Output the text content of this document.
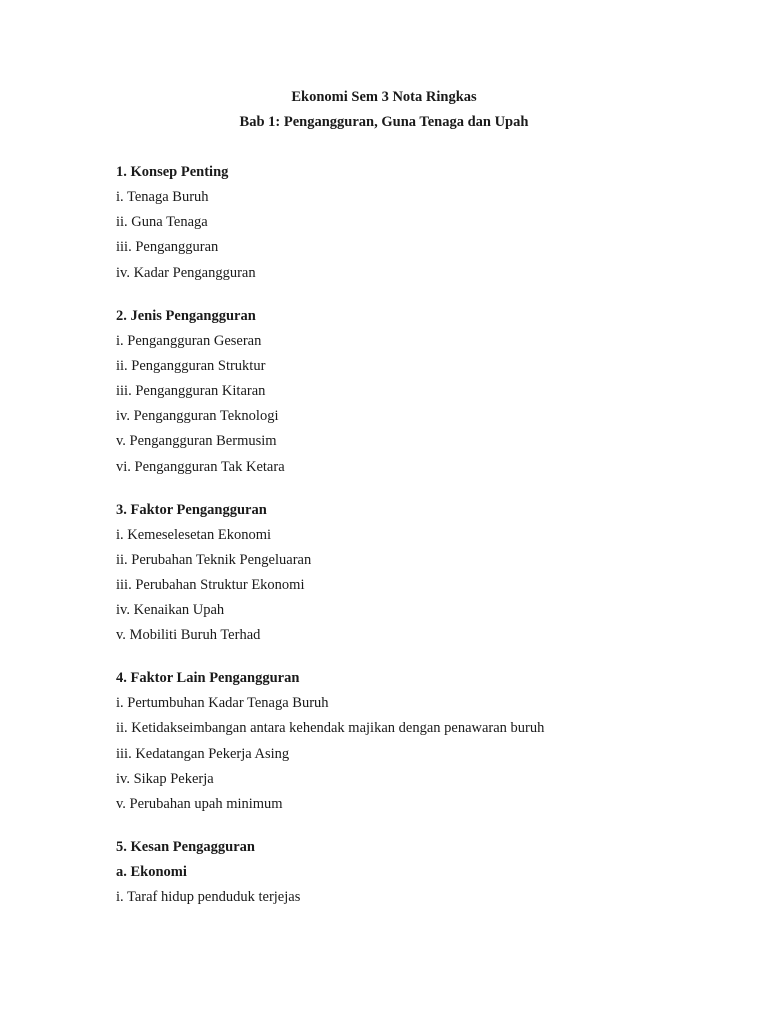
Ekonomi Sem 3 Nota Ringkas
Bab 1: Pengangguran, Guna Tenaga dan Upah
1. Konsep Penting
i. Tenaga Buruh
ii. Guna Tenaga
iii. Pengangguran
iv. Kadar Pengangguran
2. Jenis Pengangguran
i. Pengangguran Geseran
ii. Pengangguran Struktur
iii. Pengangguran Kitaran
iv. Pengangguran Teknologi
v. Pengangguran Bermusim
vi. Pengangguran Tak Ketara
3. Faktor Pengangguran
i. Kemeselesetan Ekonomi
ii. Perubahan Teknik Pengeluaran
iii. Perubahan Struktur Ekonomi
iv. Kenaikan Upah
v. Mobiliti Buruh Terhad
4. Faktor Lain Pengangguran
i. Pertumbuhan Kadar Tenaga Buruh
ii. Ketidakseimbangan antara kehendak majikan dengan penawaran buruh
iii. Kedatangan Pekerja Asing
iv. Sikap Pekerja
v. Perubahan upah minimum
5. Kesan Pengagguran
a. Ekonomi
i. Taraf hidup penduduk terjejas
